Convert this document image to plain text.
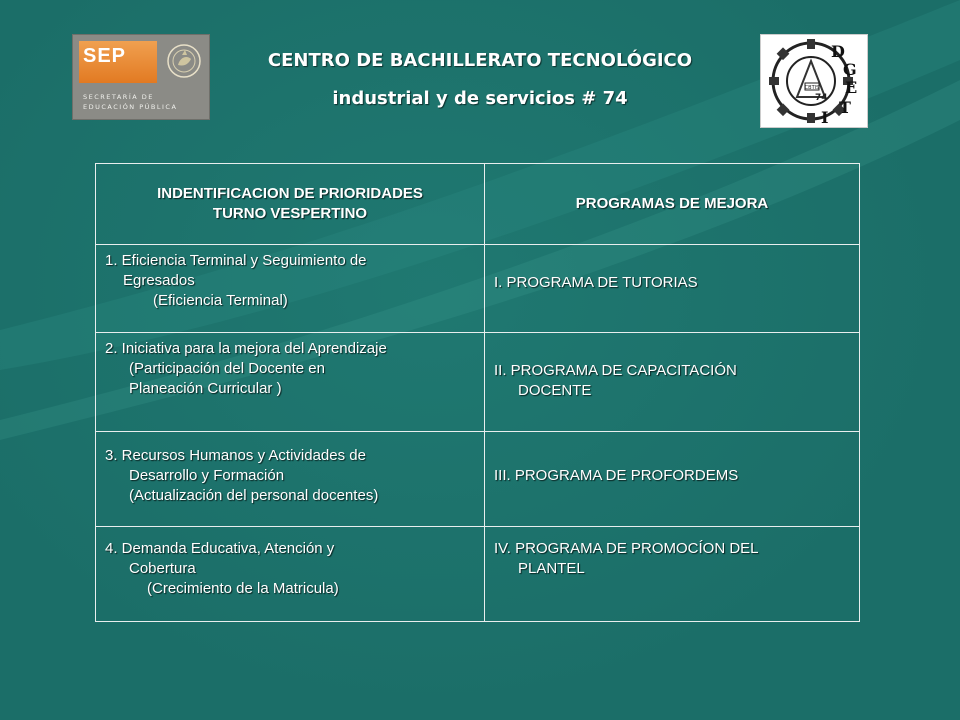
SEP
SECRETARÍA DE
EDUCACIÓN PÚBLICA
CENTRO DE BACHILLERATO TECNOLÓGICO
industrial y de servicios # 74	CBTIS
74
D
G
E
T
I
INDENTIFICACION DE PRIORIDADES
TURNO VESPERTINO	PROGRAMAS DE MEJORA

1. Eficiencia Terminal y Seguimiento de
Egresados
(Eficiencia Terminal)	I. PROGRAMA DE TUTORIAS

2. Iniciativa para la mejora del Aprendizaje
(Participación del Docente en
Planeación Curricular )	II. PROGRAMA DE CAPACITACIÓN
DOCENTE

3. Recursos Humanos y Actividades de
Desarrollo y Formación
(Actualización del personal docentes)	III. PROGRAMA DE PROFORDEMS

4. Demanda Educativa, Atención y
Cobertura
(Crecimiento de la Matricula)	IV. PROGRAMA DE PROMOCÍON DEL
PLANTEL
